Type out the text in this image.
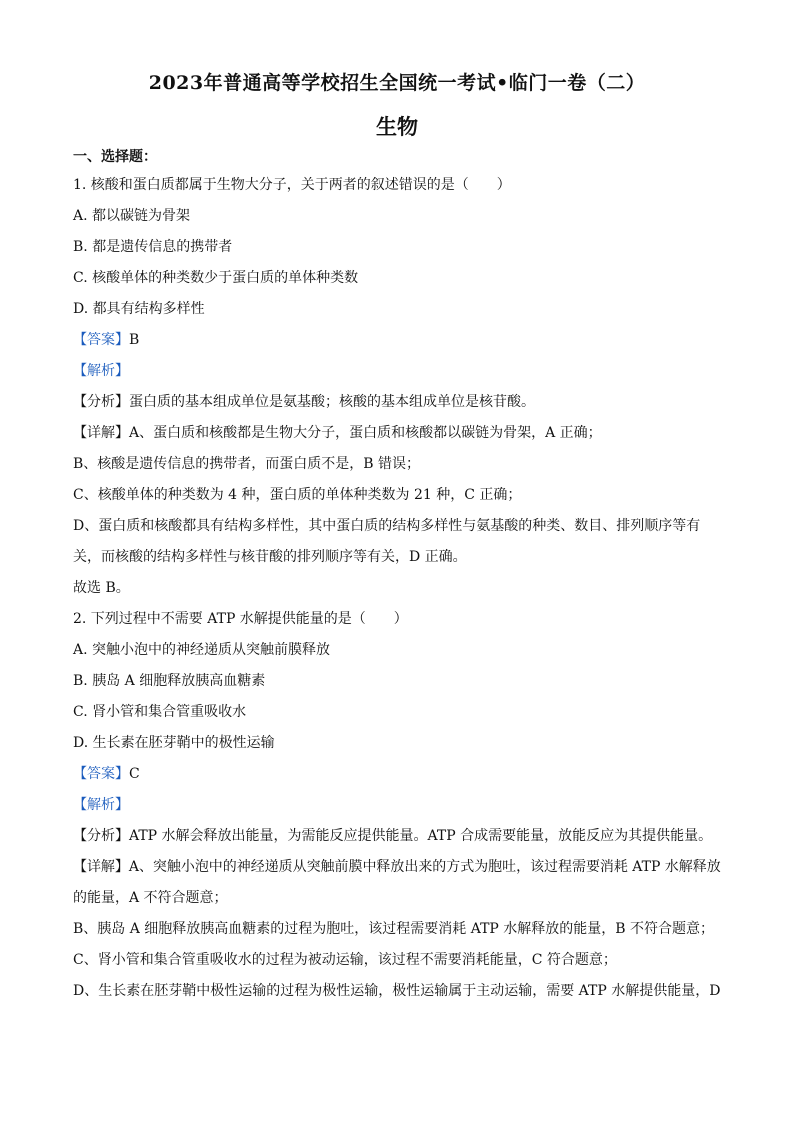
2023年普通高等学校招生全国统一考试•临门一卷（二）
生物
一、选择题：
1. 核酸和蛋白质都属于生物大分子，关于两者的叙述错误的是（　　）
A. 都以碳链为骨架
B. 都是遗传信息的携带者
C. 核酸单体的种类数少于蛋白质的单体种类数
D. 都具有结构多样性
【答案】B
【解析】
【分析】蛋白质的基本组成单位是氨基酸；核酸的基本组成单位是核苷酸。
【详解】A、蛋白质和核酸都是生物大分子，蛋白质和核酸都以碳链为骨架，A 正确；
B、核酸是遗传信息的携带者，而蛋白质不是，B 错误；
C、核酸单体的种类数为 4 种，蛋白质的单体种类数为 21 种，C 正确；
D、蛋白质和核酸都具有结构多样性，其中蛋白质的结构多样性与氨基酸的种类、数目、排列顺序等有
关，而核酸的结构多样性与核苷酸的排列顺序等有关，D 正确。
故选 B。
2. 下列过程中不需要 ATP 水解提供能量的是（　　）
A. 突触小泡中的神经递质从突触前膜释放
B. 胰岛 A 细胞释放胰高血糖素
C. 肾小管和集合管重吸收水
D. 生长素在胚芽鞘中的极性运输
【答案】C
【解析】
【分析】ATP 水解会释放出能量，为需能反应提供能量。ATP 合成需要能量，放能反应为其提供能量。
【详解】A、突触小泡中的神经递质从突触前膜中释放出来的方式为胞吐，该过程需要消耗 ATP 水解释放
的能量，A 不符合题意；
B、胰岛 A 细胞释放胰高血糖素的过程为胞吐，该过程需要消耗 ATP 水解释放的能量，B 不符合题意；
C、肾小管和集合管重吸收水的过程为被动运输，该过程不需要消耗能量，C 符合题意；
D、生长素在胚芽鞘中极性运输的过程为极性运输，极性运输属于主动运输，需要 ATP 水解提供能量，D
